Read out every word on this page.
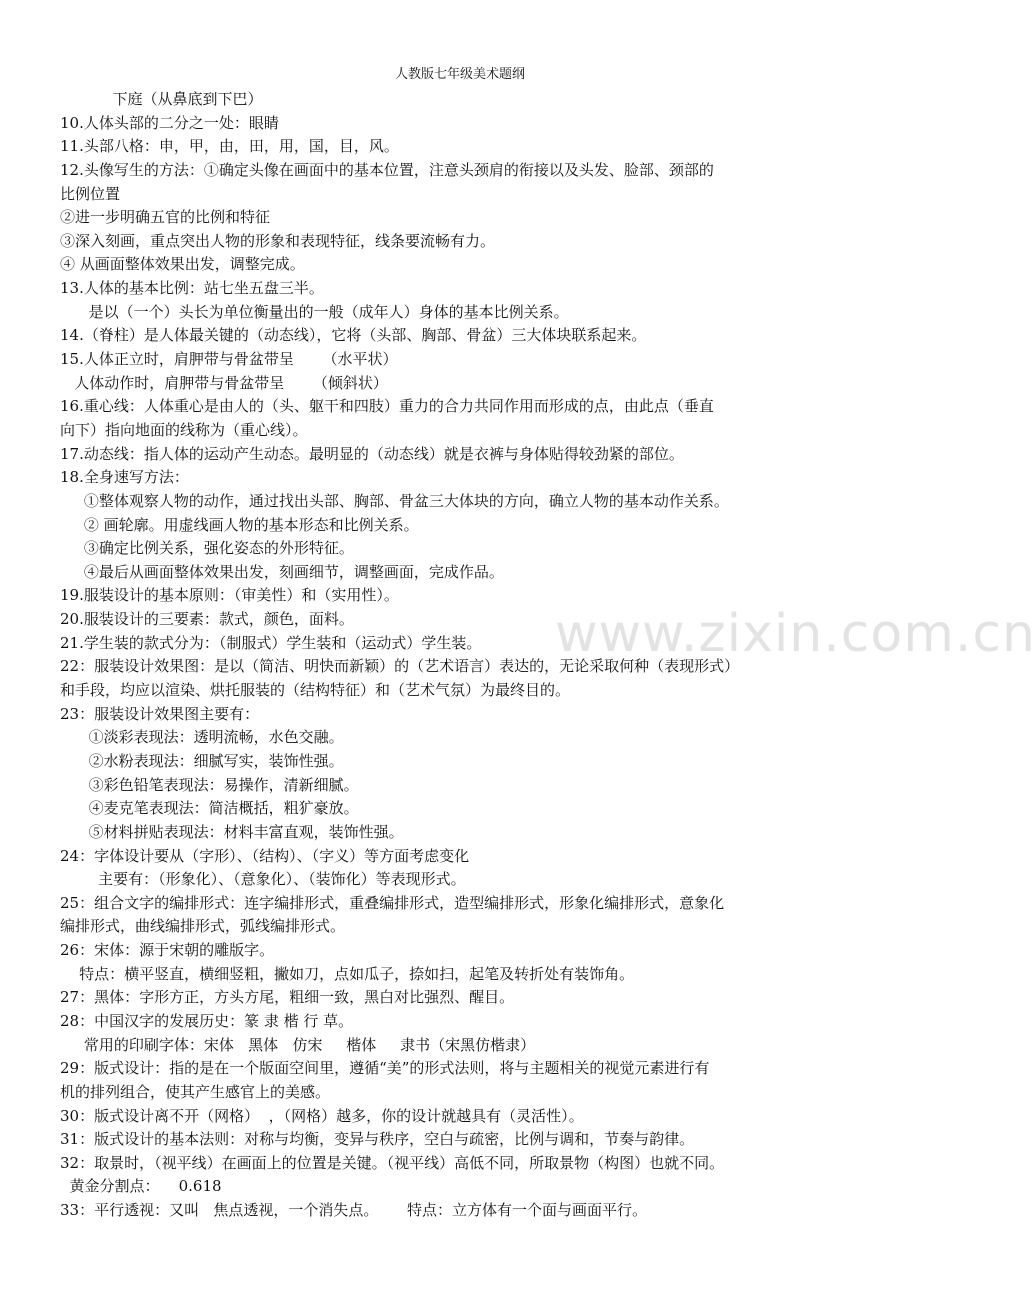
www.zixin.com.cn
人教版七年级美术题纲
下庭（从鼻底到下巴）
10.人体头部的二分之一处：眼睛
11.头部八格：申，甲，由，田，用，国，目，风。
12.头像写生的方法：①确定头像在画面中的基本位置，注意头颈肩的衔接以及头发、脸部、颈部的
比例位置
②进一步明确五官的比例和特征
③深入刻画，重点突出人物的形象和表现特征，线条要流畅有力。
④ 从画面整体效果出发，调整完成。
13.人体的基本比例：站七坐五盘三半。
是以（一个）头长为单位衡量出的一般（成年人）身体的基本比例关系。
14.（脊柱）是人体最关键的（动态线），它将（头部、胸部、骨盆）三大体块联系起来。
15.人体正立时，肩胛带与骨盆带呈      （水平状）
人体动作时，肩胛带与骨盆带呈      （倾斜状）
16.重心线：人体重心是由人的（头、躯干和四肢）重力的合力共同作用而形成的点，由此点（垂直
向下）指向地面的线称为（重心线）。
17.动态线：指人体的运动产生动态。最明显的（动态线）就是衣裤与身体贴得较劲紧的部位。
18.全身速写方法：
①整体观察人物的动作，通过找出头部、胸部、骨盆三大体块的方向，确立人物的基本动作关系。
② 画轮廓。用虚线画人物的基本形态和比例关系。
③确定比例关系，强化姿态的外形特征。
④最后从画面整体效果出发，刻画细节，调整画面，完成作品。
19.服装设计的基本原则：（审美性）和（实用性）。
20.服装设计的三要素：款式，颜色，面料。
21.学生装的款式分为：（制服式）学生装和（运动式）学生装。
22：服装设计效果图：是以（简洁、明快而新颖）的（艺术语言）表达的，无论采取何种（表现形式）
和手段，均应以渲染、烘托服装的（结构特征）和（艺术气氛）为最终目的。
23：服装设计效果图主要有：
①淡彩表现法：透明流畅，水色交融。
②水粉表现法：细腻写实，装饰性强。
③彩色铅笔表现法：易操作，清新细腻。
④麦克笔表现法：简洁概括，粗犷豪放。
⑤材料拼贴表现法：材料丰富直观，装饰性强。
24：字体设计要从（字形）、（结构）、（字义）等方面考虑变化
主要有：（形象化）、（意象化）、（装饰化）等表现形式。
25：组合文字的编排形式：连字编排形式，重叠编排形式，造型编排形式，形象化编排形式，意象化
编排形式，曲线编排形式，弧线编排形式。
26：宋体：源于宋朝的雕版字。
特点：横平竖直，横细竖粗，撇如刀，点如瓜子，捺如扫，起笔及转折处有装饰角。
27：黑体：字形方正，方头方尾，粗细一致，黑白对比强烈、醒目。
28：中国汉字的发展历史：篆 隶 楷 行 草。
常用的印刷字体：宋体   黑体   仿宋     楷体     隶书（宋黑仿楷隶）
29：版式设计：指的是在一个版面空间里，遵循“美”的形式法则，将与主题相关的视觉元素进行有
机的排列组合，使其产生感官上的美感。
30：版式设计离不开（网格）  ，（网格）越多，你的设计就越具有（灵活性）。
31：版式设计的基本法则：对称与均衡，变异与秩序，空白与疏密，比例与调和，节奏与韵律。
32：取景时，（视平线）在画面上的位置是关键。（视平线）高低不同，所取景物（构图）也就不同。
黄金分割点：    0.618
33：平行透视：又叫   焦点透视，一个消失点。      特点：立方体有一个面与画面平行。
